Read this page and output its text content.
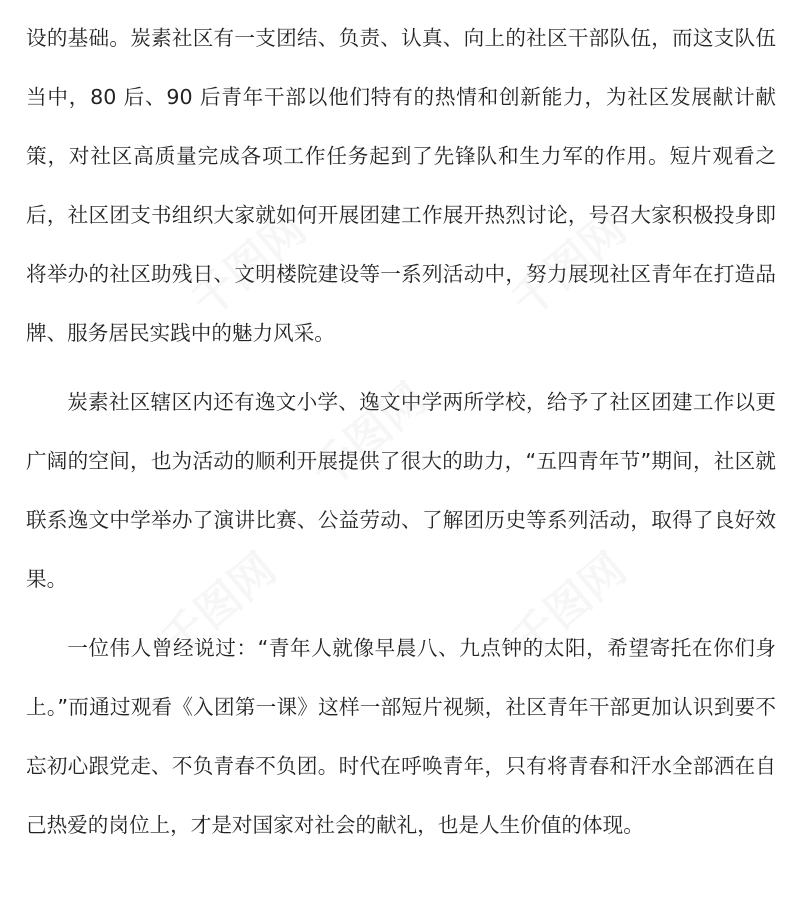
设的基础。炭素社区有一支团结、负责、认真、向上的社区干部队伍，而这支队伍当中，80 后、90 后青年干部以他们特有的热情和创新能力，为社区发展献计献策，对社区高质量完成各项工作任务起到了先锋队和生力军的作用。短片观看之后，社区团支书组织大家就如何开展团建工作展开热烈讨论，号召大家积极投身即将举办的社区助残日、文明楼院建设等一系列活动中，努力展现社区青年在打造品牌、服务居民实践中的魅力风采。

炭素社区辖区内还有逸文小学、逸文中学两所学校，给予了社区团建工作以更广阔的空间，也为活动的顺利开展提供了很大的助力，“五四青年节”期间，社区就联系逸文中学举办了演讲比赛、公益劳动、了解团历史等系列活动，取得了良好效果。

一位伟人曾经说过：“青年人就像早晨八、九点钟的太阳，希望寄托在你们身上。”而通过观看《入团第一课》这样一部短片视频，社区青年干部更加认识到要不忘初心跟党走、不负青春不负团。时代在呼唤青年，只有将青春和汗水全部洒在自己热爱的岗位上，才是对国家对社会的献礼，也是人生价值的体现。

千图网	千图网
千图网
千图网	千图网
